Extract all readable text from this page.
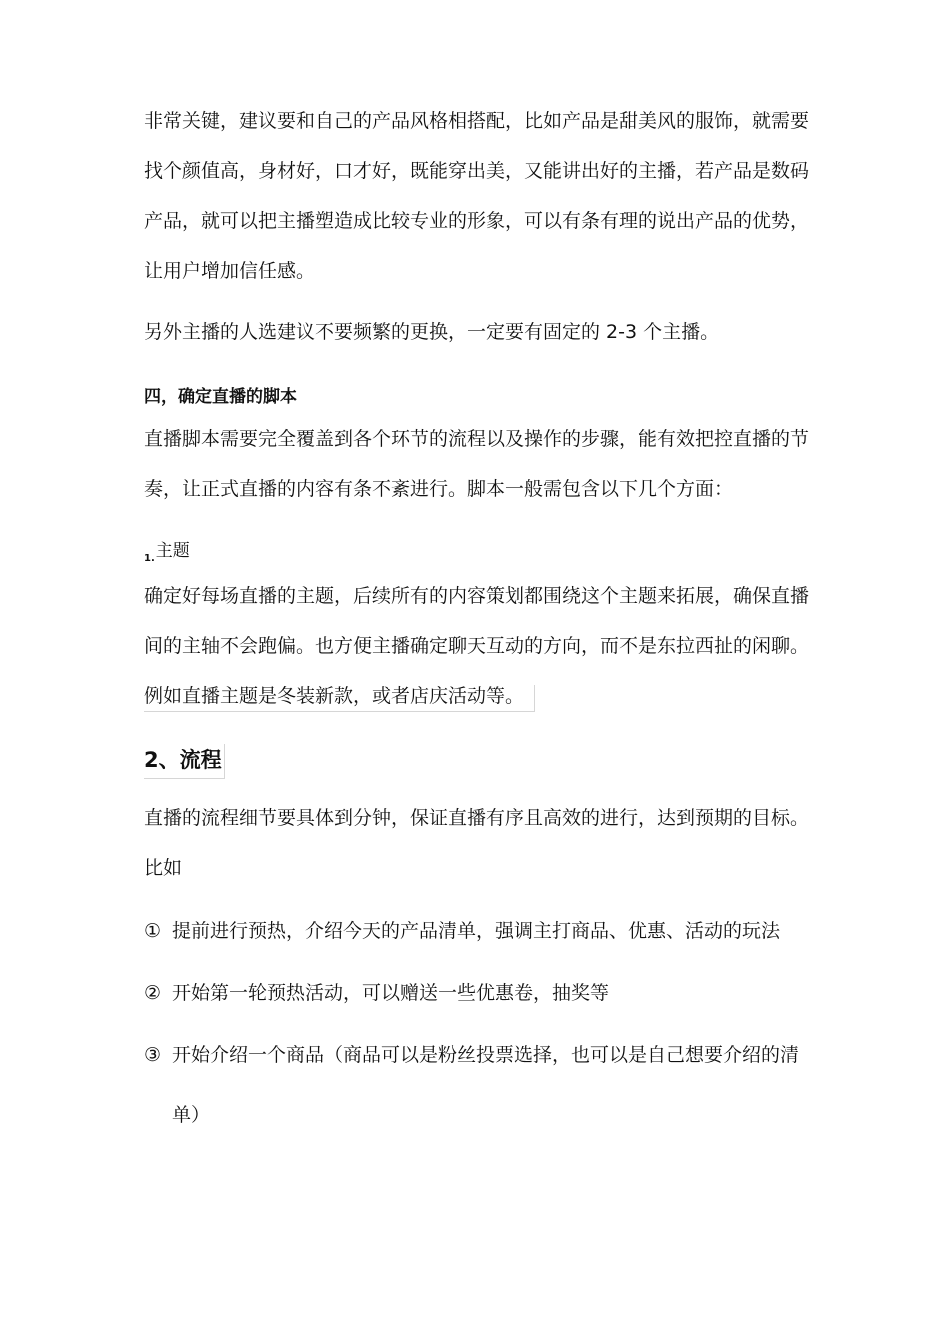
非常关键，建议要和自己的产品风格相搭配，比如产品是甜美风的服饰，就需要
找个颜值高，身材好，口才好，既能穿出美，又能讲出好的主播，若产品是数码
产品，就可以把主播塑造成比较专业的形象，可以有条有理的说出产品的优势，
让用户增加信任感。
另外主播的人选建议不要频繁的更换，一定要有固定的 2-3 个主播。
四，确定直播的脚本
直播脚本需要完全覆盖到各个环节的流程以及操作的步骤，能有效把控直播的节
奏，让正式直播的内容有条不紊进行。脚本一般需包含以下几个方面：
$_{1.}$主题
确定好每场直播的主题，后续所有的内容策划都围绕这个主题来拓展，确保直播
间的主轴不会跑偏。也方便主播确定聊天互动的方向，而不是东拉西扯的闲聊。
例如直播主题是冬装新款，或者店庆活动等。
2、流程
直播的流程细节要具体到分钟，保证直播有序且高效的进行，达到预期的目标。
比如
① 提前进行预热，介绍今天的产品清单，强调主打商品、优惠、活动的玩法
② 开始第一轮预热活动，可以赠送一些优惠卷，抽奖等
③ 开始介绍一个商品（商品可以是粉丝投票选择，也可以是自己想要介绍的清
单）
